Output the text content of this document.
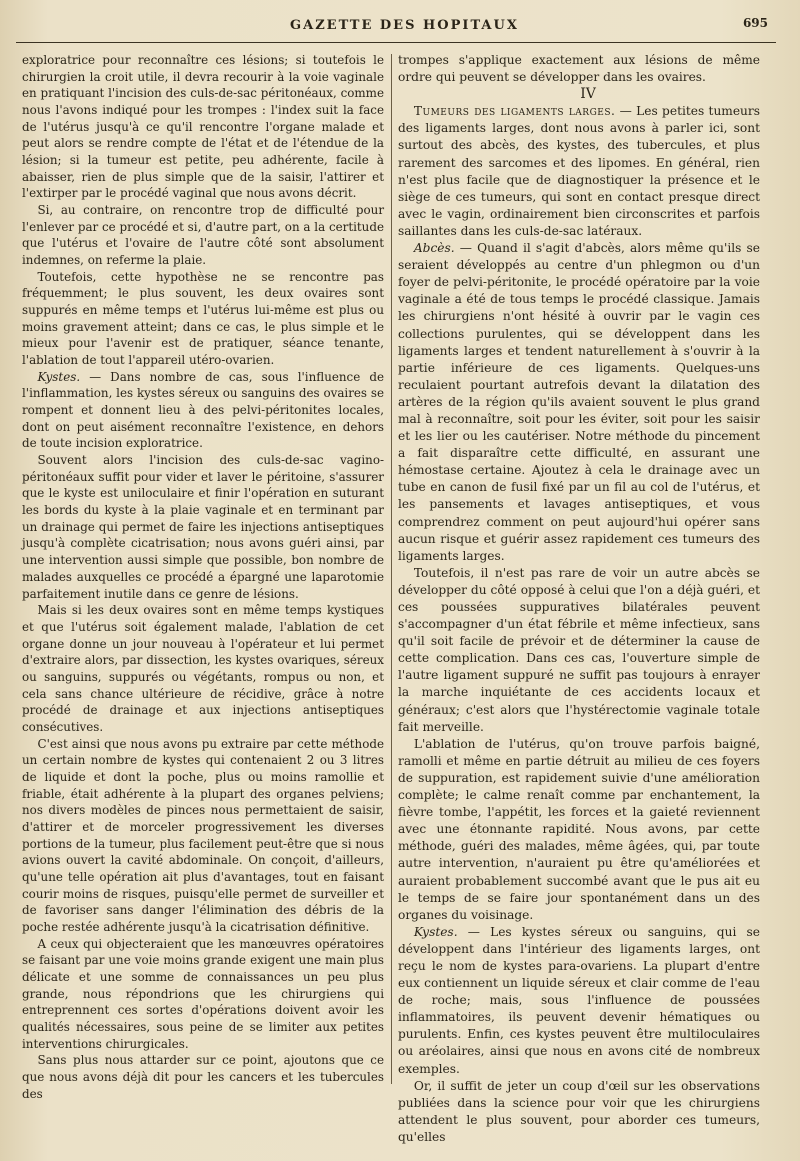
GAZETTE DES HOPITAUX	695

exploratrice pour reconnaître ces lésions; si toutefois le chirurgien la croit utile, il devra recourir à la voie vaginale en pratiquant l'incision des culs-de-sac péritonéaux, comme nous l'avons indiqué pour les trompes : l'index suit la face de l'utérus jusqu'à ce qu'il rencontre l'organe malade et peut alors se rendre compte de l'état et de l'étendue de la lésion; si la tumeur est petite, peu adhérente, facile à abaisser, rien de plus simple que de la saisir, l'attirer et l'extirper par le procédé vaginal que nous avons décrit.

Si, au contraire, on rencontre trop de difficulté pour l'enlever par ce procédé et si, d'autre part, on a la certitude que l'utérus et l'ovaire de l'autre côté sont absolument indemnes, on referme la plaie.

Toutefois, cette hypothèse ne se rencontre pas fréquemment; le plus souvent, les deux ovaires sont suppurés en même temps et l'utérus lui-même est plus ou moins gravement atteint; dans ce cas, le plus simple et le mieux pour l'avenir est de pratiquer, séance tenante, l'ablation de tout l'appareil utéro-ovarien.

Kystes. — Dans nombre de cas, sous l'influence de l'inflammation, les kystes séreux ou sanguins des ovaires se rompent et donnent lieu à des pelvi-péritonites locales, dont on peut aisément reconnaître l'existence, en dehors de toute incision exploratrice.

Souvent alors l'incision des culs-de-sac vagino-péritonéaux suffit pour vider et laver le péritoine, s'assurer que le kyste est uniloculaire et finir l'opération en suturant les bords du kyste à la plaie vaginale et en terminant par un drainage qui permet de faire les injections antiseptiques jusqu'à complète cicatrisation; nous avons guéri ainsi, par une intervention aussi simple que possible, bon nombre de malades auxquelles ce procédé a épargné une laparotomie parfaitement inutile dans ce genre de lésions.

Mais si les deux ovaires sont en même temps kystiques et que l'utérus soit également malade, l'ablation de cet organe donne un jour nouveau à l'opérateur et lui permet d'extraire alors, par dissection, les kystes ovariques, séreux ou sanguins, suppurés ou végétants, rompus ou non, et cela sans chance ultérieure de récidive, grâce à notre procédé de drainage et aux injections antiseptiques consécutives.

C'est ainsi que nous avons pu extraire par cette méthode un certain nombre de kystes qui contenaient 2 ou 3 litres de liquide et dont la poche, plus ou moins ramollie et friable, était adhérente à la plupart des organes pelviens; nos divers modèles de pinces nous permettaient de saisir, d'attirer et de morceler progressivement les diverses portions de la tumeur, plus facilement peut-être que si nous avions ouvert la cavité abdominale. On conçoit, d'ailleurs, qu'une telle opération ait plus d'avantages, tout en faisant courir moins de risques, puisqu'elle permet de surveiller et de favoriser sans danger l'élimination des débris de la poche restée adhérente jusqu'à la cicatrisation définitive.

A ceux qui objecteraient que les manœuvres opératoires se faisant par une voie moins grande exigent une main plus délicate et une somme de connaissances un peu plus grande, nous répondrions que les chirurgiens qui entreprennent ces sortes d'opérations doivent avoir les qualités nécessaires, sous peine de se limiter aux petites interventions chirurgicales.

Sans plus nous attarder sur ce point, ajoutons que ce que nous avons déjà dit pour les cancers et les tubercules des

trompes s'applique exactement aux lésions de même ordre qui peuvent se développer dans les ovaires.

IV

Tumeurs des ligaments larges. — Les petites tumeurs des ligaments larges, dont nous avons à parler ici, sont surtout des abcès, des kystes, des tubercules, et plus rarement des sarcomes et des lipomes. En général, rien n'est plus facile que de diagnostiquer la présence et le siège de ces tumeurs, qui sont en contact presque direct avec le vagin, ordinairement bien circonscrites et parfois saillantes dans les culs-de-sac latéraux.

Abcès. — Quand il s'agit d'abcès, alors même qu'ils se seraient développés au centre d'un phlegmon ou d'un foyer de pelvi-péritonite, le procédé opératoire par la voie vaginale a été de tous temps le procédé classique. Jamais les chirurgiens n'ont hésité à ouvrir par le vagin ces collections purulentes, qui se développent dans les ligaments larges et tendent naturellement à s'ouvrir à la partie inférieure de ces ligaments. Quelques-uns reculaient pourtant autrefois devant la dilatation des artères de la région qu'ils avaient souvent le plus grand mal à reconnaître, soit pour les éviter, soit pour les saisir et les lier ou les cautériser. Notre méthode du pincement a fait disparaître cette difficulté, en assurant une hémostase certaine. Ajoutez à cela le drainage avec un tube en canon de fusil fixé par un fil au col de l'utérus, et les pansements et lavages antiseptiques, et vous comprendrez comment on peut aujourd'hui opérer sans aucun risque et guérir assez rapidement ces tumeurs des ligaments larges.

Toutefois, il n'est pas rare de voir un autre abcès se développer du côté opposé à celui que l'on a déjà guéri, et ces poussées suppuratives bilatérales peuvent s'accompagner d'un état fébrile et même infectieux, sans qu'il soit facile de prévoir et de déterminer la cause de cette complication. Dans ces cas, l'ouverture simple de l'autre ligament suppuré ne suffit pas toujours à enrayer la marche inquiétante de ces accidents locaux et généraux; c'est alors que l'hystérectomie vaginale totale fait merveille.

L'ablation de l'utérus, qu'on trouve parfois baigné, ramolli et même en partie détruit au milieu de ces foyers de suppuration, est rapidement suivie d'une amélioration complète; le calme renaît comme par enchantement, la fièvre tombe, l'appétit, les forces et la gaieté reviennent avec une étonnante rapidité. Nous avons, par cette méthode, guéri des malades, même âgées, qui, par toute autre intervention, n'auraient pu être qu'améliorées et auraient probablement succombé avant que le pus ait eu le temps de se faire jour spontanément dans un des organes du voisinage.

Kystes. — Les kystes séreux ou sanguins, qui se développent dans l'intérieur des ligaments larges, ont reçu le nom de kystes para-ovariens. La plupart d'entre eux contiennent un liquide séreux et clair comme de l'eau de roche; mais, sous l'influence de poussées inflammatoires, ils peuvent devenir hématiques ou purulents. Enfin, ces kystes peuvent être multiloculaires ou aréolaires, ainsi que nous en avons cité de nombreux exemples.

Or, il suffit de jeter un coup d'œil sur les observations publiées dans la science pour voir que les chirurgiens attendent le plus souvent, pour aborder ces tumeurs, qu'elles
